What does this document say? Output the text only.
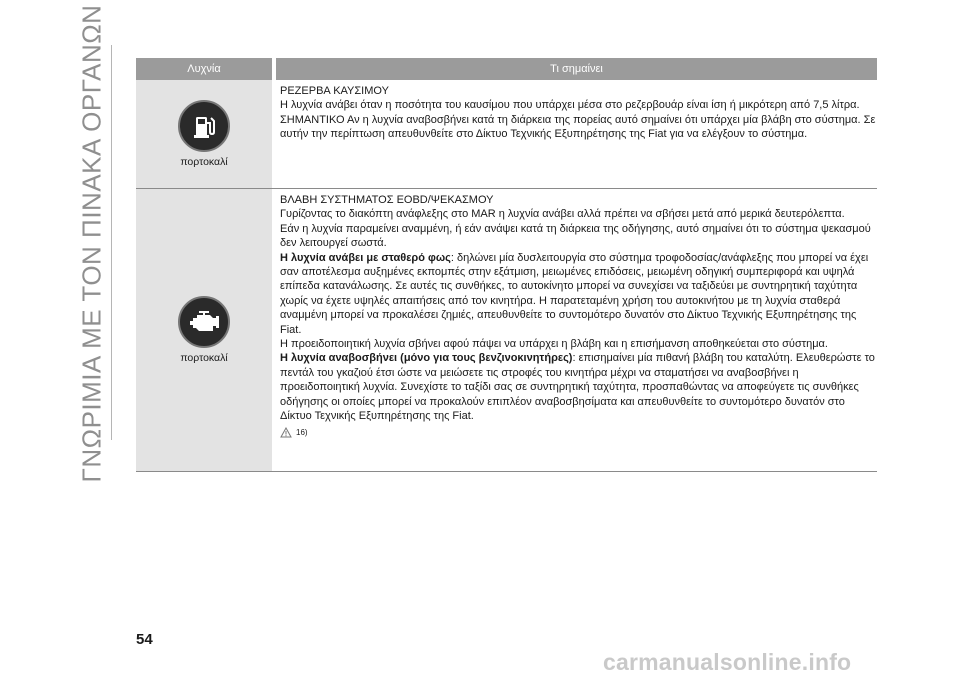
ΓΝΩΡΙΜΙΑ ΜΕ ΤΟΝ ΠΙΝΑΚΑ ΟΡΓΑΝΩΝ	Λυχνία	Τι σημαίνει
πορτοκαλί

ΡΕΖΕΡΒΑ ΚΑΥΣΙΜΟΥ

Η λυχνία ανάβει όταν η ποσότητα του καυσίμου που υπάρχει μέσα στο ρεζερβουάρ είναι ίση ή μικρότερη από 7,5 λίτρα.

ΣΗΜΑΝΤΙΚΟ Αν η λυχνία αναβοσβήνει κατά τη διάρκεια της πορείας αυτό σημαίνει ότι υπάρχει μία βλάβη στο σύστημα. Σε αυτήν την περίπτωση απευθυνθείτε στο Δίκτυο Τεχνικής Εξυπηρέτησης της Fiat για να ελέγξουν το σύστημα.

πορτοκαλί

ΒΛΑΒΗ ΣΥΣΤΗΜΑΤΟΣ EOBD/ΨΕΚΑΣΜΟΥ

Γυρίζοντας το διακόπτη ανάφλεξης στο MAR η λυχνία ανάβει αλλά πρέπει να σβήσει μετά από μερικά δευτερόλεπτα.

Εάν η λυχνία παραμείνει αναμμένη, ή εάν ανάψει κατά τη διάρκεια της οδήγησης, αυτό σημαίνει ότι το σύστημα ψεκασμού δεν λειτουργεί σωστά.

Η λυχνία ανάβει με σταθερό φως: δηλώνει μία δυσλειτουργία στο σύστημα τροφοδοσίας/ανάφλεξης που μπορεί να έχει σαν αποτέλεσμα αυξημένες εκπομπές στην εξάτμιση, μειωμένες επιδόσεις, μειωμένη οδηγική συμπεριφορά και υψηλά επίπεδα κατανάλωσης. Σε αυτές τις συνθήκες, το αυτοκίνητο μπορεί να συνεχίσει να ταξιδεύει με συντηρητική ταχύτητα χωρίς να έχετε υψηλές απαιτήσεις από τον κινητήρα. Η παρατεταμένη χρήση του αυτοκινήτου με τη λυχνία σταθερά αναμμένη μπορεί να προκαλέσει ζημιές, απευθυνθείτε το συντομότερο δυνατόν στο Δίκτυο Τεχνικής Εξυπηρέτησης της Fiat.

Η προειδοποιητική λυχνία σβήνει αφού πάψει να υπάρχει η βλάβη και η επισήμανση αποθηκεύεται στο σύστημα.

Η λυχνία αναβοσβήνει (μόνο για τους βενζινοκινητήρες): επισημαίνει μία πιθανή βλάβη του καταλύτη. Ελευθερώστε το πεντάλ του γκαζιού έτσι ώστε να μειώσετε τις στροφές του κινητήρα μέχρι να σταματήσει να αναβοσβήνει η προειδοποιητική λυχνία. Συνεχίστε το ταξίδι σας σε συντηρητική ταχύτητα, προσπαθώντας να αποφεύγετε τις συνθήκες οδήγησης οι οποίες μπορεί να προκαλούν επιπλέον αναβοσβησίματα και απευθυνθείτε το συντομότερο δυνατόν στο Δίκτυο Τεχνικής Εξυπηρέτησης της Fiat.

16)
54
carmanualsonline.info
